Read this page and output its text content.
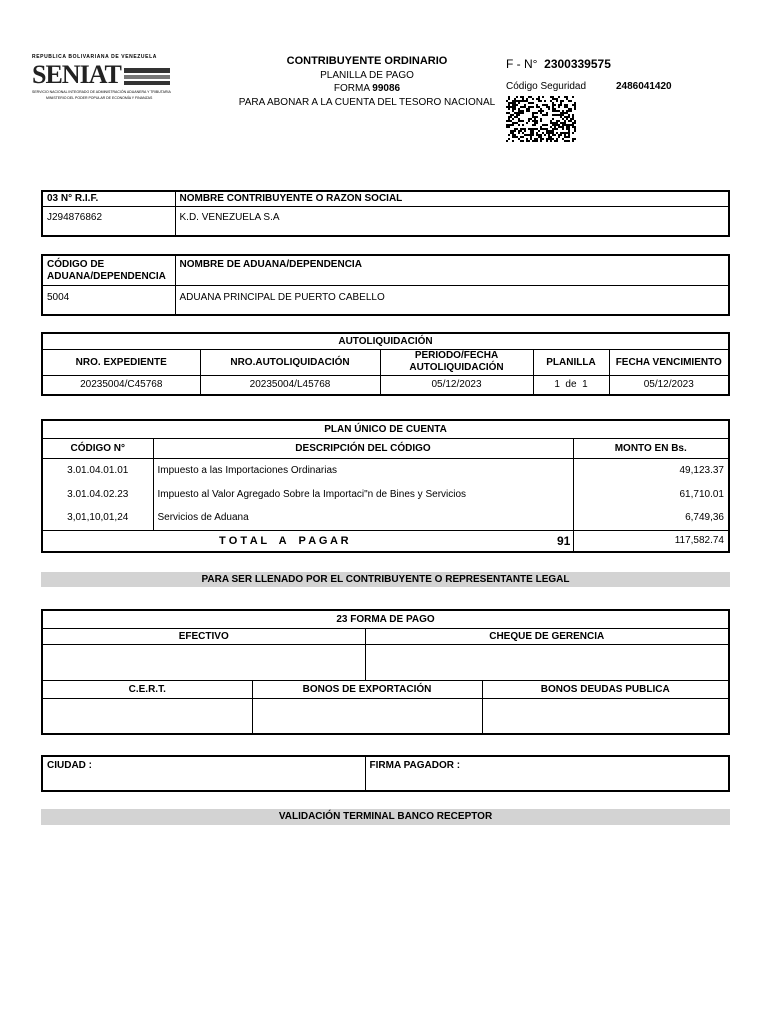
REPUBLICA BOLIVARIANA DE VENEZUELA
SENIAT
SERVICIO NACIONAL INTEGRADO DE ADMINISTRACIÓN ADUANERA Y TRIBUTARIA
MINISTERIO DEL PODER POPULAR DE ECONOMÍA Y FINANZAS
CONTRIBUYENTE ORDINARIO
PLANILLA DE PAGO
FORMA 99086
PARA ABONAR A LA CUENTA DEL TESORO NACIONAL
F - N° 2300339575
Código Seguridad	2486041420
03 N° R.I.F.	NOMBRE CONTRIBUYENTE O RAZON SOCIAL
J294876862	K.D. VENEZUELA S.A
CÓDIGO DE ADUANA/DEPENDENCIA	NOMBRE DE ADUANA/DEPENDENCIA
5004	ADUANA PRINCIPAL DE PUERTO CABELLO
AUTOLIQUIDACIÓN				
NRO. EXPEDIENTE	NRO.AUTOLIQUIDACIÓN	PERIODO/FECHA AUTOLIQUIDACIÓN	PLANILLA	FECHA VENCIMIENTO
20235004/C45768	20235004/L45768	05/12/2023	1  de  1	05/12/2023
PLAN ÚNICO DE CUENTA		
CÓDIGO N°	DESCRIPCIÓN DEL CÓDIGO	MONTO EN Bs.
3.01.04.01.01	Impuesto a las Importaciones Ordinarias	49,123.37
3.01.04.02.23	Impuesto al Valor Agregado Sobre la Importaci"n de Bines y Servicios	61,710.01
3,01,10,01,24	Servicios de Aduana	6,749,36

T O T A L    A    P A G A R 91		117,582.74
PARA SER LLENADO POR EL CONTRIBUYENTE O REPRESENTANTE LEGAL
23 FORMA DE PAGO			
EFECTIVO		CHEQUE DE GERENCIA	

C.E.R.T.	BONOS DE EXPORTACIÓN		BONOS DEUDAS PUBLICA

CIUDAD :	FIRMA PAGADOR :
VALIDACIÓN TERMINAL BANCO RECEPTOR
